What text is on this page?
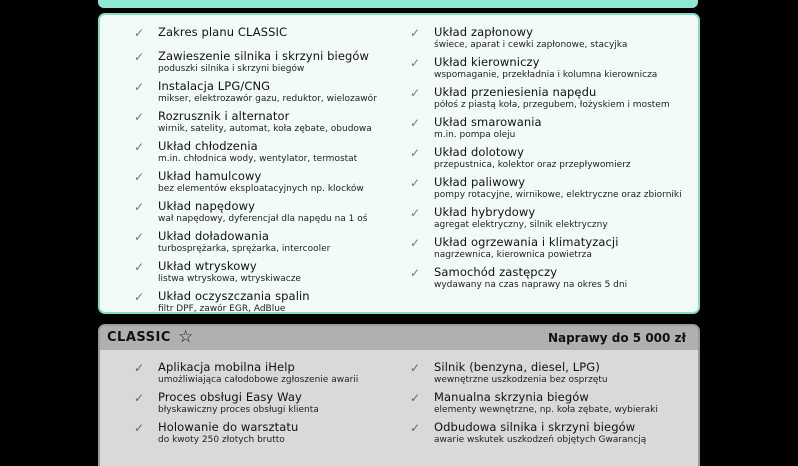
✓ Zakres planu CLASSIC
✓ Zawieszenie silnika i skrzyni biegów
poduszki silnika i skrzyni biegów
✓ Instalacja LPG/CNG
mikser, elektrozawór gazu, reduktor, wielozawór
✓ Rozrusznik i alternator
wirnik, satelity, automat, koła zębate, obudowa
✓ Układ chłodzenia
m.in. chłodnica wody, wentylator, termostat
✓ Układ hamulcowy
bez elementów eksploatacyjnych np. klocków
✓ Układ napędowy
wał napędowy, dyferencjał dla napędu na 1 oś
✓ Układ doładowania
turbosprężarka, sprężarka, intercooler
✓ Układ wtryskowy
listwa wtryskowa, wtryskiwacze
✓ Układ oczyszczania spalin
filtr DPF, zawór EGR, AdBlue
✓ Układ zapłonowy
świece, aparat i cewki zapłonowe, stacyjka
✓ Układ kierowniczy
wspomaganie, przekładnia i kolumna kierownicza
✓ Układ przeniesienia napędu
półoś z piastą koła, przegubem, łożyskiem i mostem
✓ Układ smarowania
m.in. pompa oleju
✓ Układ dolotowy
przepustnica, kolektor oraz przepływomierz
✓ Układ paliwowy
pompy rotacyjne, wirnikowe, elektryczne oraz zbiorniki
✓ Układ hybrydowy
agregat elektryczny, silnik elektryczny
✓ Układ ogrzewania i klimatyzacji
nagrzewnica, kierownica powietrza
✓ Samochód zastępczy
wydawany na czas naprawy na okres 5 dni
CLASSIC ☆	Naprawy do 5 000 zł
✓ Aplikacja mobilna iHelp
umożliwiająca całodobowe zgłoszenie awarii
✓ Proces obsługi Easy Way
błyskawiczny proces obsługi klienta
✓ Holowanie do warsztatu
do kwoty 250 złotych brutto
✓ Silnik (benzyna, diesel, LPG)
wewnętrzne uszkodzenia bez osprzętu
✓ Manualna skrzynia biegów
elementy wewnętrzne, np. koła zębate, wybieraki
✓ Odbudowa silnika i skrzyni biegów
awarie wskutek uszkodzeń objętych Gwarancją
